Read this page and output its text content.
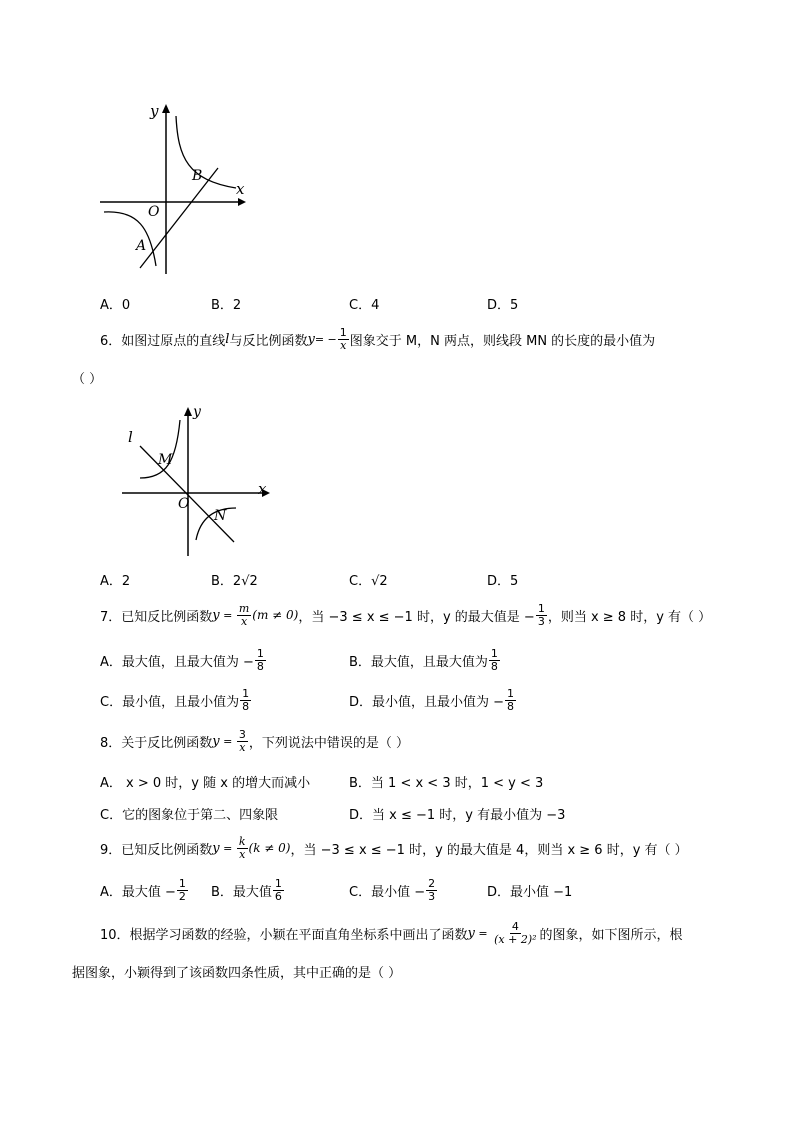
y
x
O
A
B
A．0	B．2	C．4	D．5
6．如图过原点的直线 l 与反比例函数 y = − $\frac{1}{x}$ 图象交于 M，N 两点，则线段 MN 的长度的最小值为
（ ）
l
y
x
O
M
N
A．2	B．2√2	C．√2	D．5
7．已知反比例函数 $y = \frac{m}{x} (m \ne 0)$ ，当 −3 ≤ x ≤ −1 时，y 的最大值是 − $\frac{1}{3}$ ，则当 x ≥ 8 时，y 有（ ）
A．最大值，且最大值为 − $\frac{1}{8}$	B．最大值，且最大值为 $\frac{1}{8}$
C．最小值，且最小值为 $\frac{1}{8}$	D．最小值，且最小值为 − $\frac{1}{8}$
8．关于反比例函数 $y = \frac{3}{x}$ ，下列说法中错误的是（ ）
A． x > 0 时，y 随 x 的增大而减小	B．当 1 < x < 3 时，1 < y < 3
C．它的图象位于第二、四象限	D．当 x ≤ −1 时，y 有最小值为 −3
9．已知反比例函数 $y = \frac{k}{x} (k \ne 0)$ ，当 −3 ≤ x ≤ −1 时，y 的最大值是 4，则当 x ≥ 6 时，y 有（ ）
A．最大值 − $\frac{1}{2}$ B．最大值 $\frac{1}{6}$	C．最小值 − $\frac{2}{3}$	D．最小值 −1
10．根据学习函数的经验，小颖在平面直角坐标系中画出了函数 $y = \frac{4}{\text{(x + 2)²}}$ 的图象，如下图所示，根
据图象，小颖得到了该函数四条性质，其中正确的是（ ）
